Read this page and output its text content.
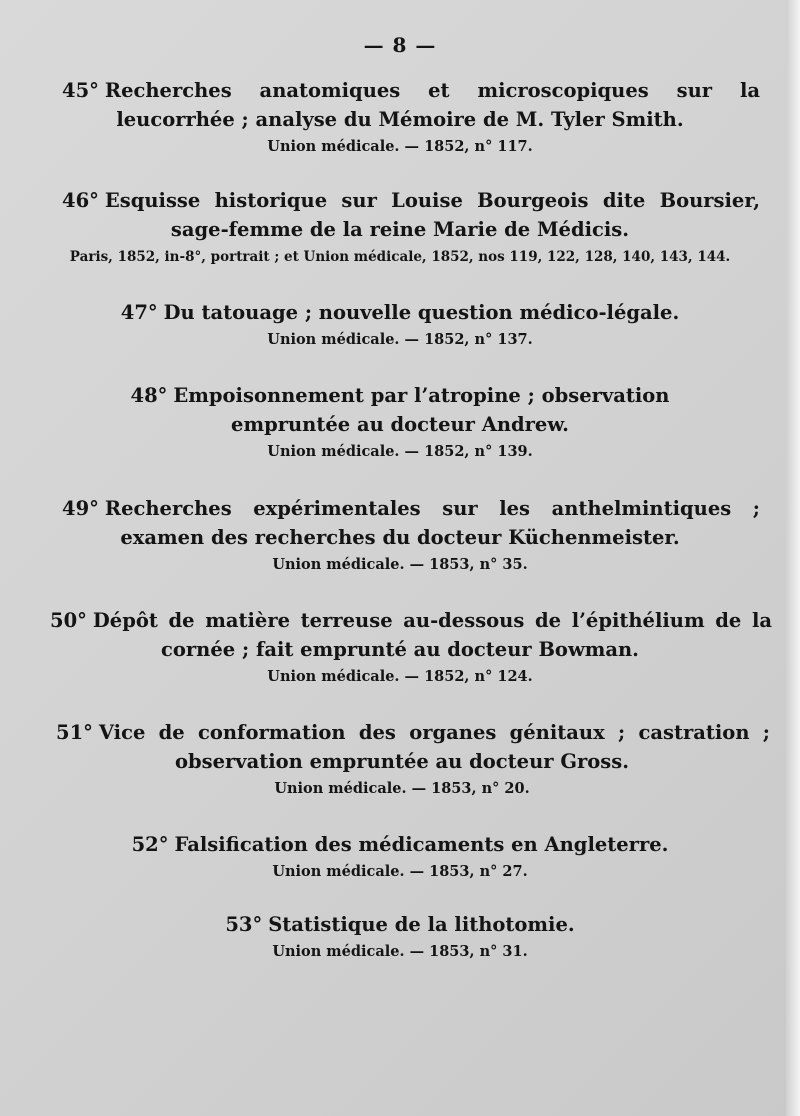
— 8 —
45° Recherches anatomiques et microscopiques sur la leucorrhée ; analyse du Mémoire de M. Tyler Smith.
Union médicale. — 1852, n° 117.
46° Esquisse historique sur Louise Bourgeois dite Boursier, sage-femme de la reine Marie de Médicis.
Paris, 1852, in-8°, portrait ; et Union médicale, 1852, nos 119, 122, 128, 140, 143, 144.
47° Du tatouage ; nouvelle question médico-légale.
Union médicale. — 1852, n° 137.
48° Empoisonnement par l’atropine ; observation empruntée au docteur Andrew.
Union médicale. — 1852, n° 139.
49° Recherches expérimentales sur les anthelmintiques ; examen des recherches du docteur Küchenmeister.
Union médicale. — 1853, n° 35.
50° Dépôt de matière terreuse au-dessous de l’épithélium de la cornée ; fait emprunté au docteur Bowman.
Union médicale. — 1852, n° 124.
51° Vice de conformation des organes génitaux ; castration ; observation empruntée au docteur Gross.
Union médicale. — 1853, n° 20.
52° Falsification des médicaments en Angleterre.
Union médicale. — 1853, n° 27.
53° Statistique de la lithotomie.
Union médicale. — 1853, n° 31.
